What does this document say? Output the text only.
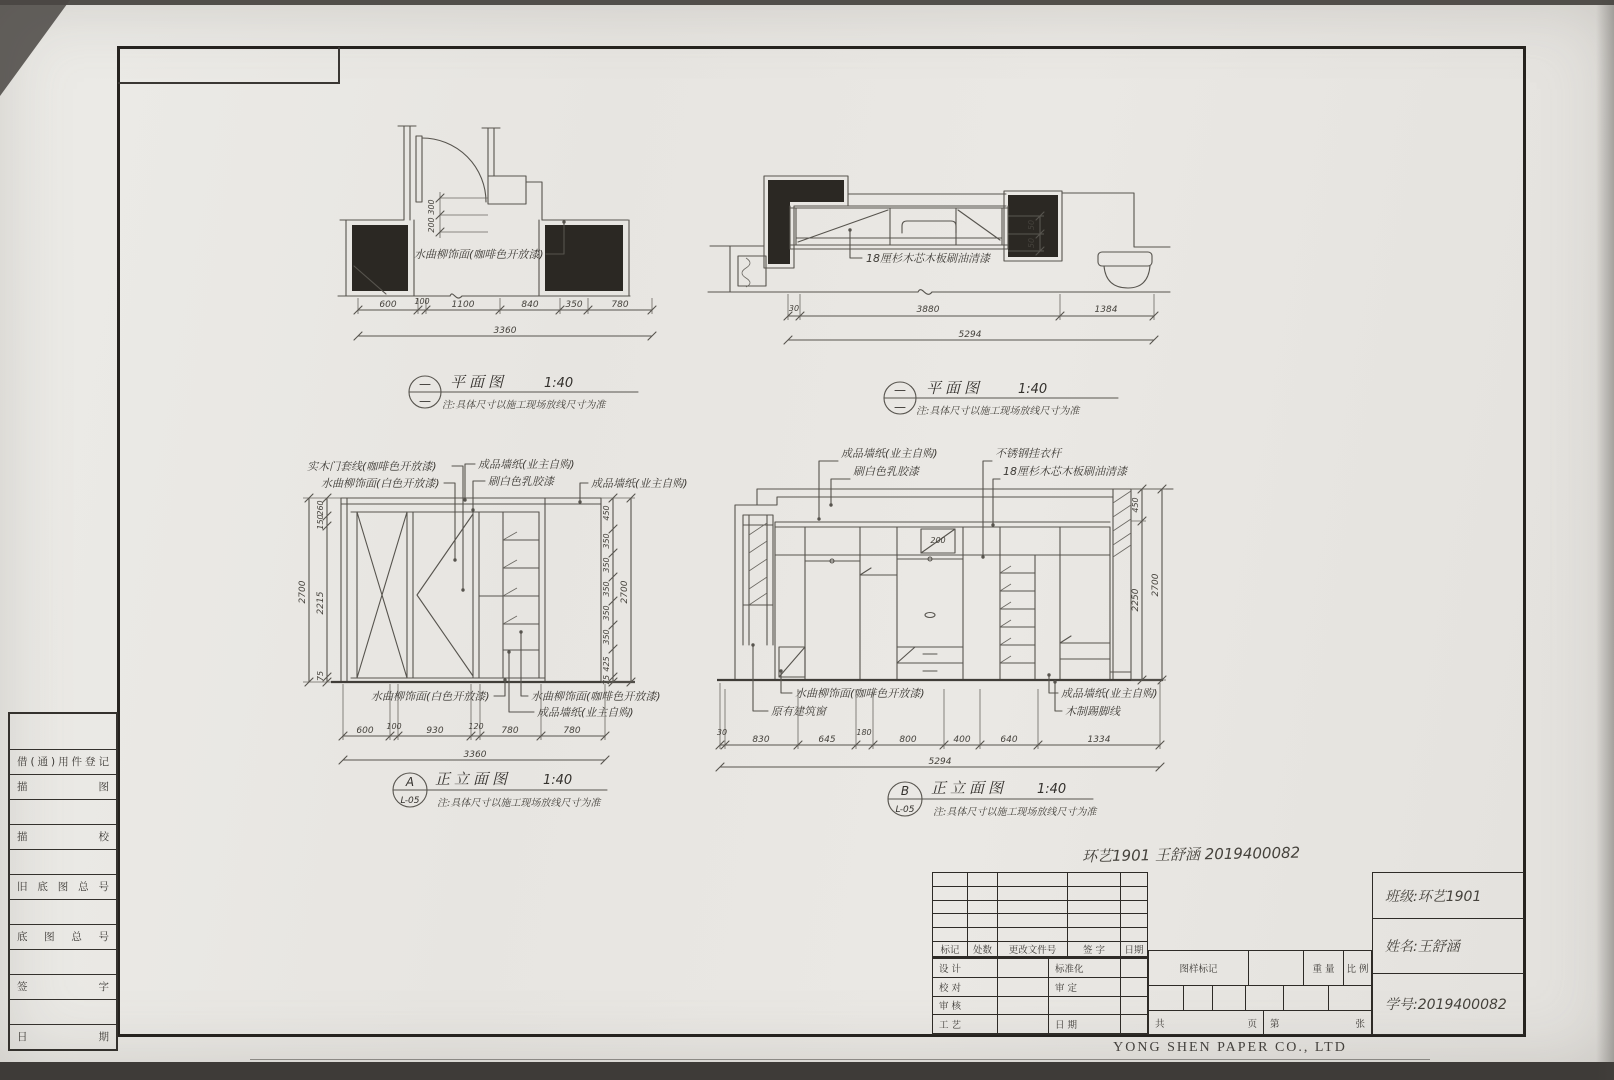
借(通)用件登记
描 图
描 校
旧底图总号
底图总号
签 字
日 期
300
200
水曲柳饰面(咖啡色开放漆)
600 100 1100	840	350	780
3360
—
—
平面图	1:40
注:具体尺寸以施工现场放线尺寸为准
50
50
18厘杉木芯木板刷油清漆
30	3880	1384
5294
—
—
平面图	1:40
注:具体尺寸以施工现场放线尺寸为准
实木门套线(咖啡色开放漆)
水曲柳饰面(白色开放漆)
成品墙纸(业主自购)
刷白色乳胶漆	成品墙纸(业主自购)
2700
260
150
2215
75
450
350
350
350
350
350
425
75
2700
水曲柳饰面(白色开放漆)	水曲柳饰面(咖啡色开放漆)
成品墙纸(业主自购)
600 100	930	120 780	780
3360
A
L-05
正立面图 1:40
注:具体尺寸以施工现场放线尺寸为准
成品墙纸(业主自购)
刷白色乳胶漆
不锈钢挂衣杆
18厘杉木芯木板刷油清漆
200
450
2250
2700
水曲柳饰面(咖啡色开放漆)
原有建筑窗
成品墙纸(业主自购)
木制踢脚线
30
830	645
180
800	400	640	1334
5294
B
L-05
正立面图 1:40
注:具体尺寸以施工现场放线尺寸为准
环艺1901 王舒涵 2019400082
标记	处数	更改文件号	签 字	日期
设 计	标准化
校 对	审 定
审 核
工 艺	日 期
图样标记	重 量	比 例
共	页 第	张
班级:环艺1901
姓名:王舒涵
学号:2019400082
YONG SHEN PAPER CO., LTD
